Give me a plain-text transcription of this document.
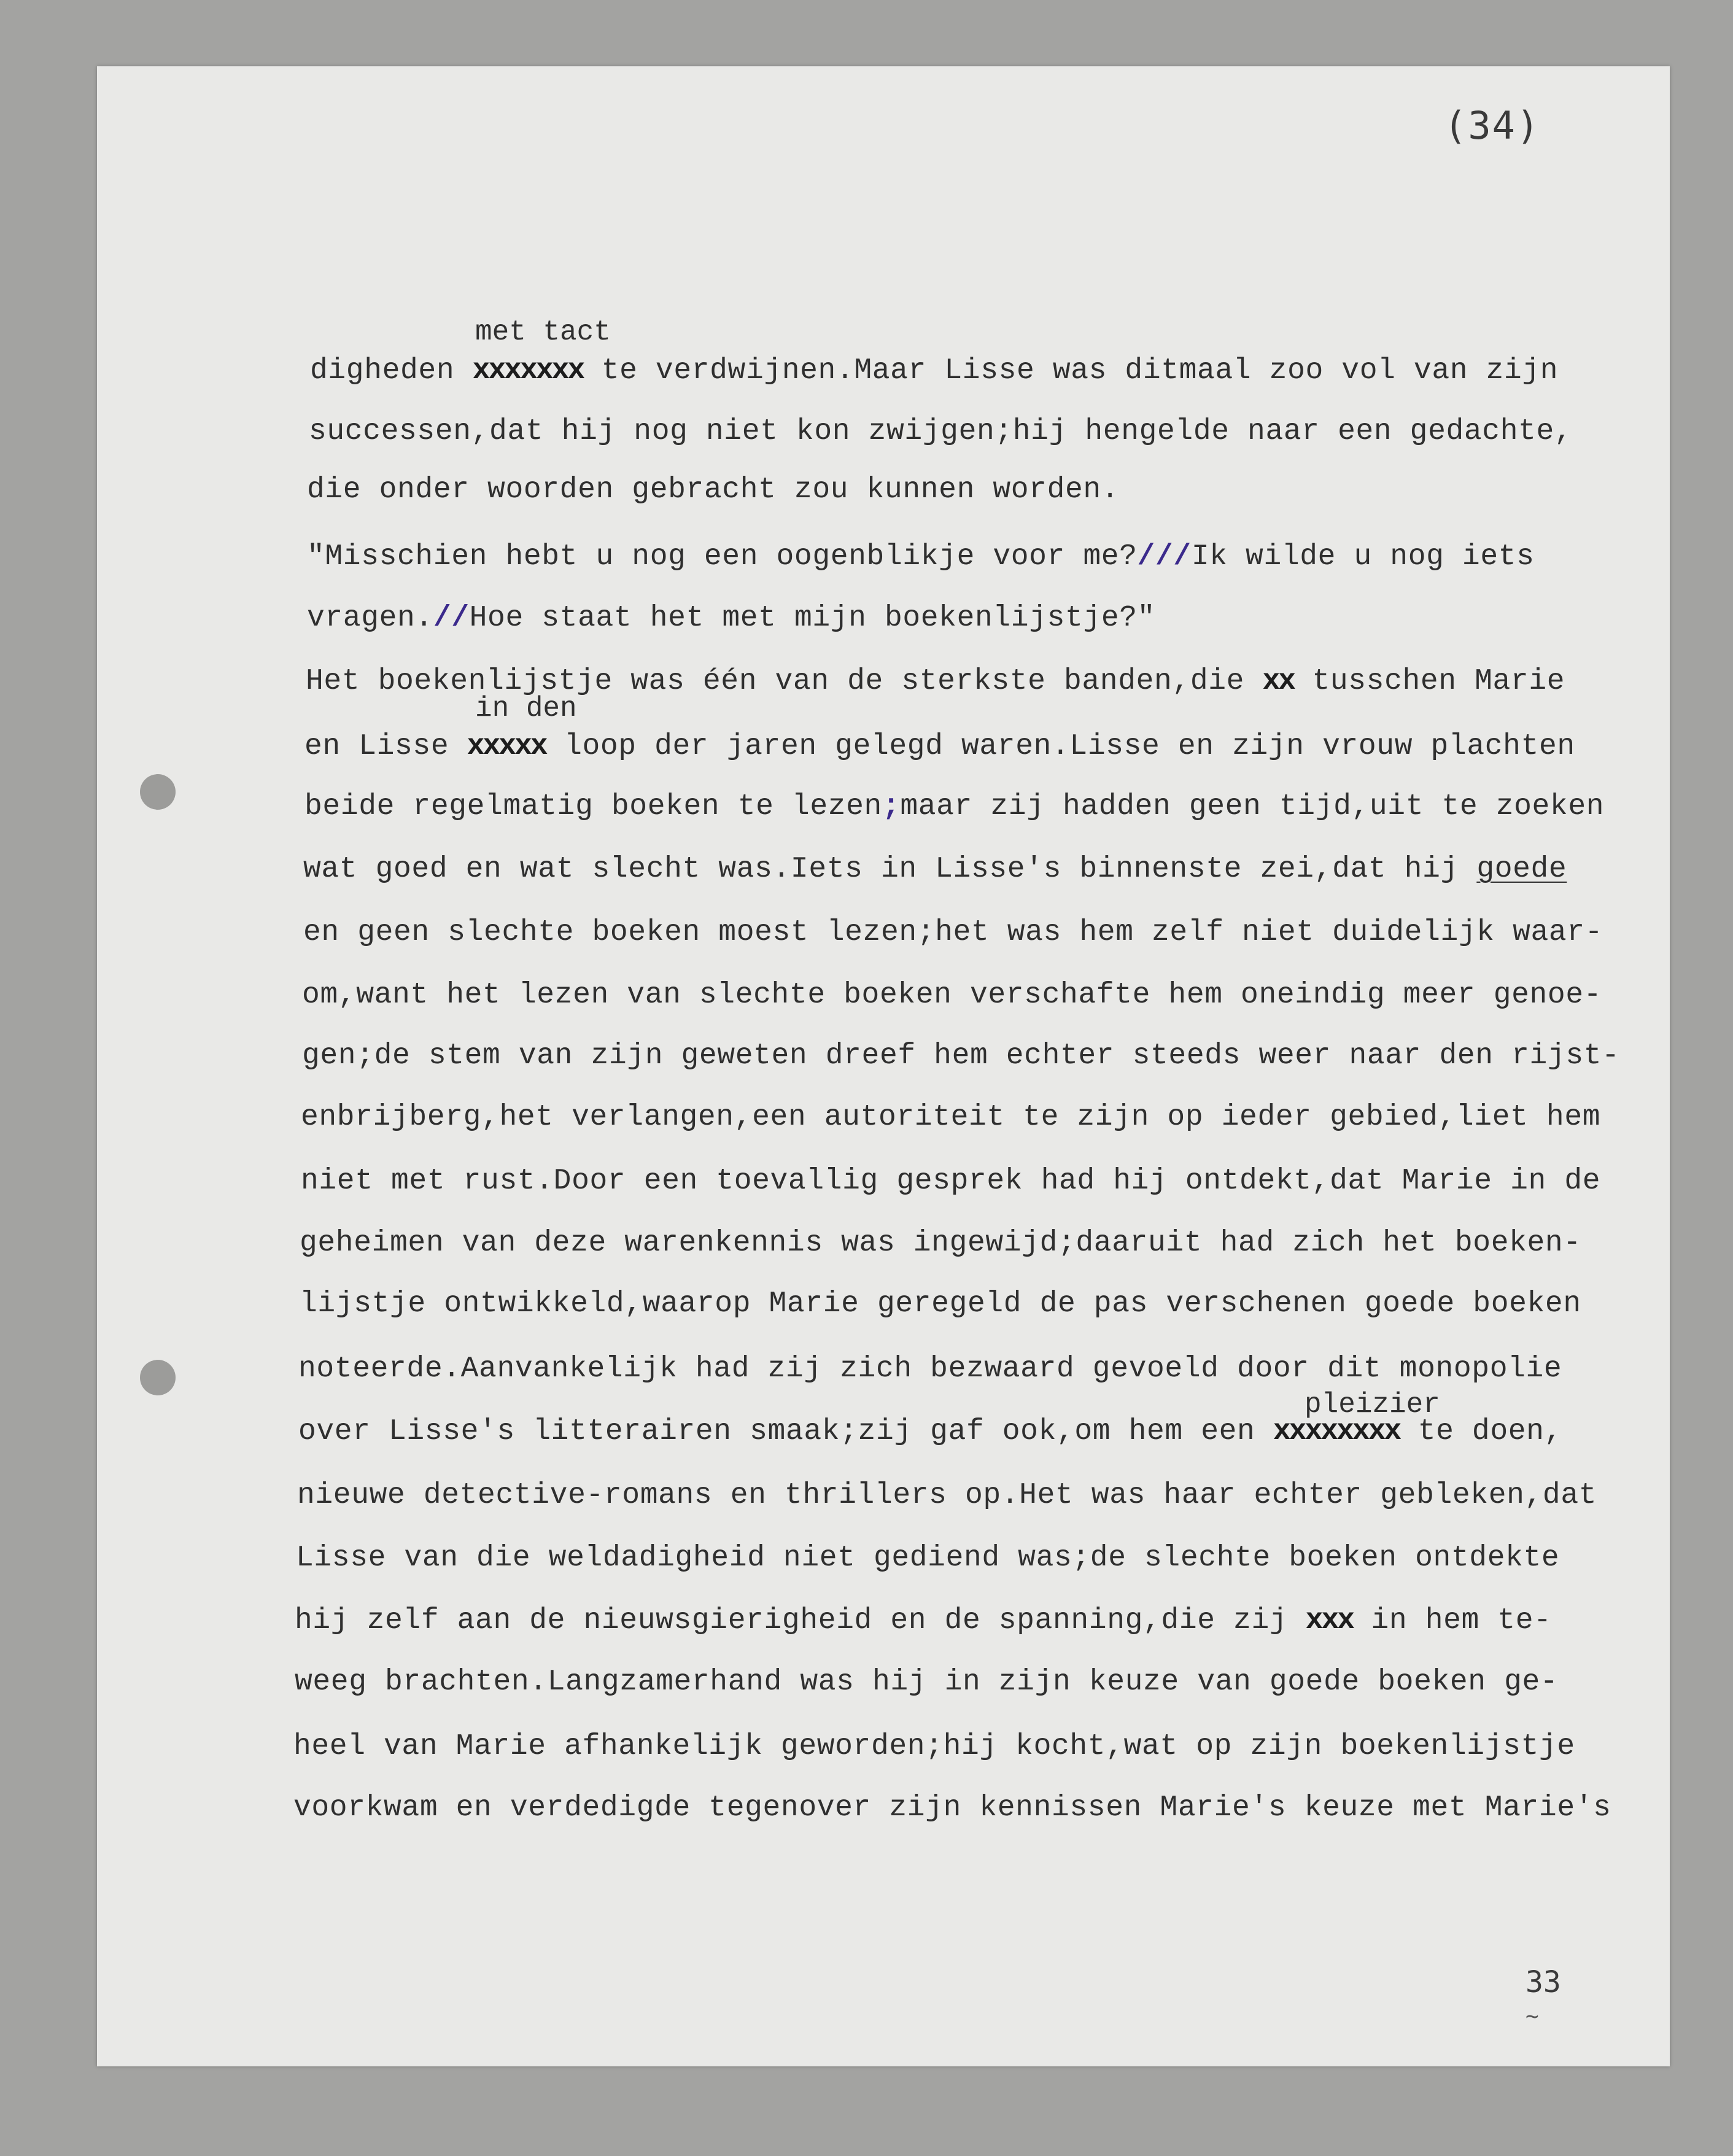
(34)
33
~
met tact
in den
pleizier
digheden xxxxxxx te verdwijnen.Maar Lisse was ditmaal zoo vol van zijn
successen,dat hij nog niet kon zwijgen;hij hengelde naar een gedachte,
die onder woorden gebracht zou kunnen worden.
"Misschien hebt u nog een oogenblikje voor me?///Ik wilde u nog iets
vragen.//Hoe staat het met mijn boekenlijstje?"
Het boekenlijstje was één van de sterkste banden,die xx tusschen Marie
en Lisse xxxxx loop der jaren gelegd waren.Lisse en zijn vrouw plachten
beide regelmatig boeken te lezen;maar zij hadden geen tijd,uit te zoeken
wat goed en wat slecht was.Iets in Lisse's binnenste zei,dat hij goede
en geen slechte boeken moest lezen;het was hem zelf niet duidelijk waar-
om,want het lezen van slechte boeken verschafte hem oneindig meer genoe-
gen;de stem van zijn geweten dreef hem echter steeds weer naar den rijst-
enbrijberg,het verlangen,een autoriteit te zijn op ieder gebied,liet hem
niet met rust.Door een toevallig gesprek had hij ontdekt,dat Marie in de
geheimen van deze warenkennis was ingewijd;daaruit had zich het boeken-
lijstje ontwikkeld,waarop Marie geregeld de pas verschenen goede boeken
noteerde.Aanvankelijk had zij zich bezwaard gevoeld door dit monopolie
over Lisse's litterairen smaak;zij gaf ook,om hem een xxxxxxxx te doen,
nieuwe detective-romans en thrillers op.Het was haar echter gebleken,dat
Lisse van die weldadigheid niet gediend was;de slechte boeken ontdekte
hij zelf aan de nieuwsgierigheid en de spanning,die zij xxx in hem te-
weeg brachten.Langzamerhand was hij in zijn keuze van goede boeken ge-
heel van Marie afhankelijk geworden;hij kocht,wat op zijn boekenlijstje
voorkwam en verdedigde tegenover zijn kennissen Marie's keuze met Marie's
